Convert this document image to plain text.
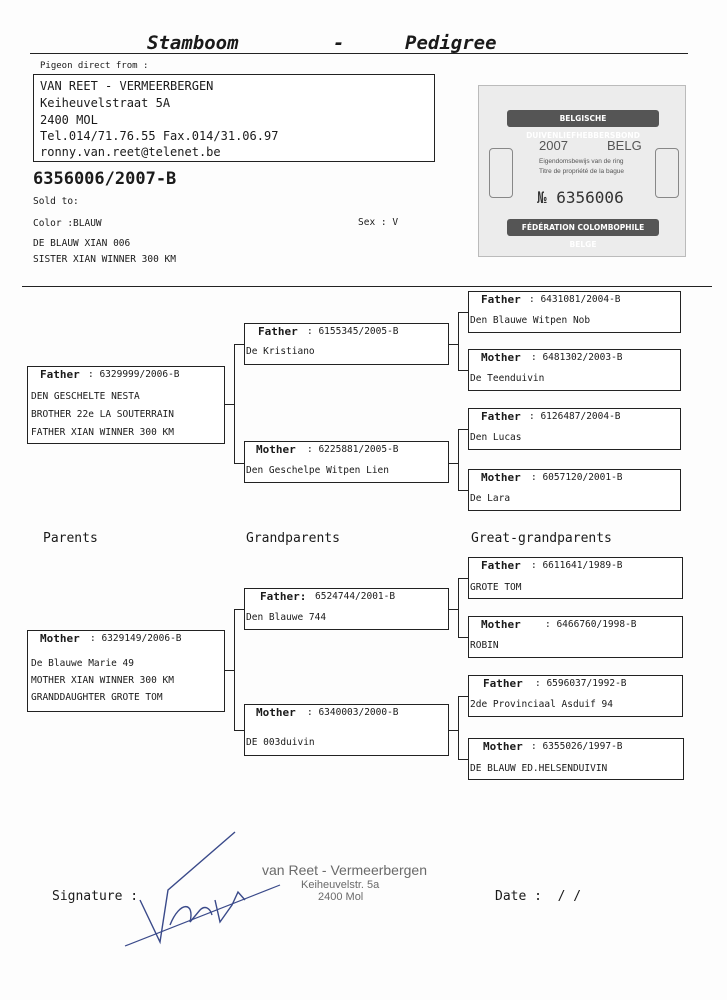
Stamboom	-	Pedigree
Pigeon direct from :
VAN REET - VERMEERBERGEN
Keiheuvelstraat 5A
2400 MOL
Tel.014/71.76.55 Fax.014/31.06.97
ronny.van.reet@telenet.be
6356006/2007-B
Sold to:
Color :BLAUW	Sex : V
DE BLAUW XIAN 006
SISTER XIAN WINNER 300 KM
BELGISCHE DUIVENLIEFHEBBERSBOND
2007	BELG
Eigendomsbewijs van de ring
Titre de propriété de la bague
№ 6356006
FÉDÉRATION COLOMBOPHILE BELGE
Father : 6329999/2006-B
DEN GESCHELTE NESTA
BROTHER 22e LA SOUTERRAIN
FATHER XIAN WINNER 300 KM
Mother : 6329149/2006-B
De Blauwe Marie 49
MOTHER XIAN WINNER 300 KM
GRANDDAUGHTER GROTE TOM
Father : 6155345/2005-B
De Kristiano
Mother : 6225881/2005-B
Den Geschelpe Witpen Lien
Father: 6524744/2001-B
Den Blauwe 744
Mother : 6340003/2000-B
DE 003duivin
Father : 6431081/2004-B
Den Blauwe Witpen Nob
Mother : 6481302/2003-B
De Teenduivin
Father : 6126487/2004-B
Den Lucas
Mother : 6057120/2001-B
De Lara
Father : 6611641/1989-B
GROTE TOM
Mother	: 6466760/1998-B
ROBIN
Father : 6596037/1992-B
2de Provinciaal Asduif 94
Mother : 6355026/1997-B
DE BLAUW ED.HELSENDUIVIN
Parents	Grandparents	Great-grandparents
Signature :
van Reet - Vermeerbergen
Keiheuvelstr. 5a
2400 Mol	Date :  / /
